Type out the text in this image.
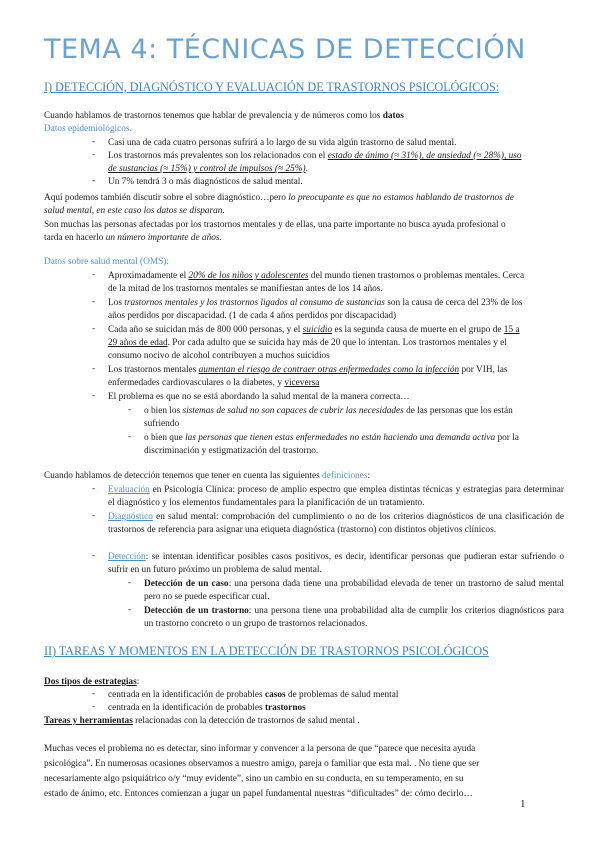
TEMA 4: TÉCNICAS DE DETECCIÓN
I) DETECCIÓN, DIAGNÓSTICO Y EVALUACIÓN DE TRASTORNOS PSICOLÓGICOS:
Cuando hablamos de trastornos tenemos que hablar de prevalencia y de números como los datos
Datos epidemiológicos.
- Casi una de cada cuatro personas sufrirá a lo largo de su vida algún trastorno de salud mental.
- Los trastornos más prevalentes son los relacionados con el estado de ánimo (≈ 31%), de ansiedad (≈ 28%), uso
de sustancias (≈ 15%) y control de impulsos (≈ 25%).
- Un 7% tendrá 3 o más diagnósticos de salud mental.
Aquí podemos también discutir sobre el sobre diagnóstico…pero lo preocupante es que no estamos hablando de trastornos de
salud mental, en este caso los datos se disparan.
Son muchas las personas afectadas por los trastornos mentales y de ellas, una parte importante no busca ayuda profesional o
tarda en hacerlo un número importante de años.
Datos sobre salud mental (OMS):
- Aproximadamente el 20% de los niños y adolescentes del mundo tienen trastornos o problemas mentales. Cerca
de la mitad de los trastornos mentales se manifiestan antes de los 14 años.
- Los trastornos mentales y los trastornos ligados al consumo de sustancias son la causa de cerca del 23% de los
años perdidos por discapacidad. (1 de cada 4 años perdidos por discapacidad)
- Cada año se suicidan más de 800 000 personas, y el suicidio es la segunda causa de muerte en el grupo de 15 a
29 años de edad. Por cada adulto que se suicida hay más de 20 que lo intentan. Los trastornos mentales y el
consumo nocivo de alcohol contribuyen a muchos suicidios
- Los trastornos mentales aumentan el riesgo de contraer otras enfermedades como la infección por VIH, las
enfermedades cardiovasculares o la diabetes, y viceversa
- El problema es que no se está abordando la salud mental de la manera correcta…
- o bien los sistemas de salud no son capaces de cubrir las necesidades de las personas que los están
sufriendo
- o bien que las personas que tienen estas enfermedades no están haciendo una demanda activa por la
discriminación y estigmatización del trastorno.
Cuando hablamos de detección tenemos que tener en cuenta las siguientes definiciones:
- Evaluación en Psicología Clínica: proceso de amplio espectro que emplea distintas técnicas y estrategias para determinar el diagnóstico y los elementos fundamentales para la planificación de un tratamiento.
- Diagnóstico en salud mental: comprobación del cumplimiento o no de los criterios diagnósticos de una clasificación de trastornos de referencia para asignar una etiqueta diagnóstica (trastorno) con distintos objetivos clínicos.
- Detección: se intentan identificar posibles casos positivos, es decir, identificar personas que pudieran estar sufriendo o sufrir en un futuro próximo un problema de salud mental.
- Detección de un caso: una persona dada tiene una probabilidad elevada de tener un trastorno de salud mental pero no se puede especificar cual.
- Detección de un trastorno: una persona tiene una probabilidad alta de cumplir los criterios diagnósticos para un trastorno concreto o un grupo de trastornos relacionados.
II) TAREAS Y MOMENTOS EN LA DETECCIÓN DE TRASTORNOS PSICOLÓGICOS
Dos tipos de estrategias:
- centrada en la identificación de probables casos de problemas de salud mental
- centrada en la identificación de probables trastornos
Tareas y herramientas relacionadas con la detección de trastornos de salud mental .
Muchas veces el problema no es detectar, sino informar y convencer a la persona de que “parece que necesita ayuda
psicológica”. En numerosas ocasiones observamos a nuestro amigo, pareja o familiar que esta mal. . No tiene que ser
necesariamente algo psiquiátrico o/y “muy evidente”, sino un cambio en su conducta, en su temperamento, en su
estado de ánimo, etc. Entonces comienzan a jugar un papel fundamental nuestras “dificultades” de: cómo decirlo…
1
